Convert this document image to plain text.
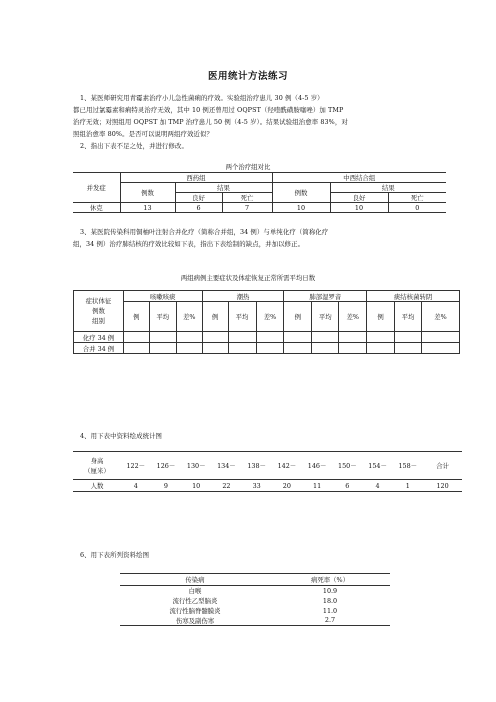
医用统计方法练习
1、某医师研究用青霉素治疗小儿急性菌痢的疗效。实验组治疗患儿 30 例（4-5 岁）
都已用过氯霉素和痢特灵治疗无效，其中 10 例还曾用过 OQPST（羟喹酰磺胺噻唑）加 TMP
治疗无效；对照组用 OQPST 加 TMP 治疗患儿 50 例（4-5 岁）。结果试验组治愈率 83%，对
照组治愈率 80%。是否可以说明两组疗效近似？
2、指出下表不足之处，并进行修改。
两个治疗组对比
并发症	西药组			中西结合组		
	例数	结果		例数	结果	
		良好	死亡		良好	死亡
休克	13	6	7	10	10	0
3、某医院传染科用铜柚叶注射合并化疗（简称合并组，34 例）与单纯化疗（简称化疗
组，34 例）治疗肺结核的疗效比较如下表，指出下表绘制的缺点，并加以修正。
两组病例主要症状及体症恢复正常所需平均日数
症状体征
例数
组别	咳嗽咳痰			潮热			肺部湿罗音			痰结核菌转阴		
	例	平均	差%	例	平均	差%	例	平均	差%	例	平均	差%
化疗 34 例												
合并 34 例												
4、用下表中资料绘成统计图
身高
（厘米）	122－	126－	130－	134－	138－	142－	146－	150－	154－	158－	合计
人数	4	9	10	22	33	20	11	6	4	1	120
6、用下表所列资料绘图
传染病	病死率（%）
白喉	10.9
流行性乙型脑炎	18.0
流行性脑脊髓膜炎	11.0
伤寒及副伤寒	2.7
